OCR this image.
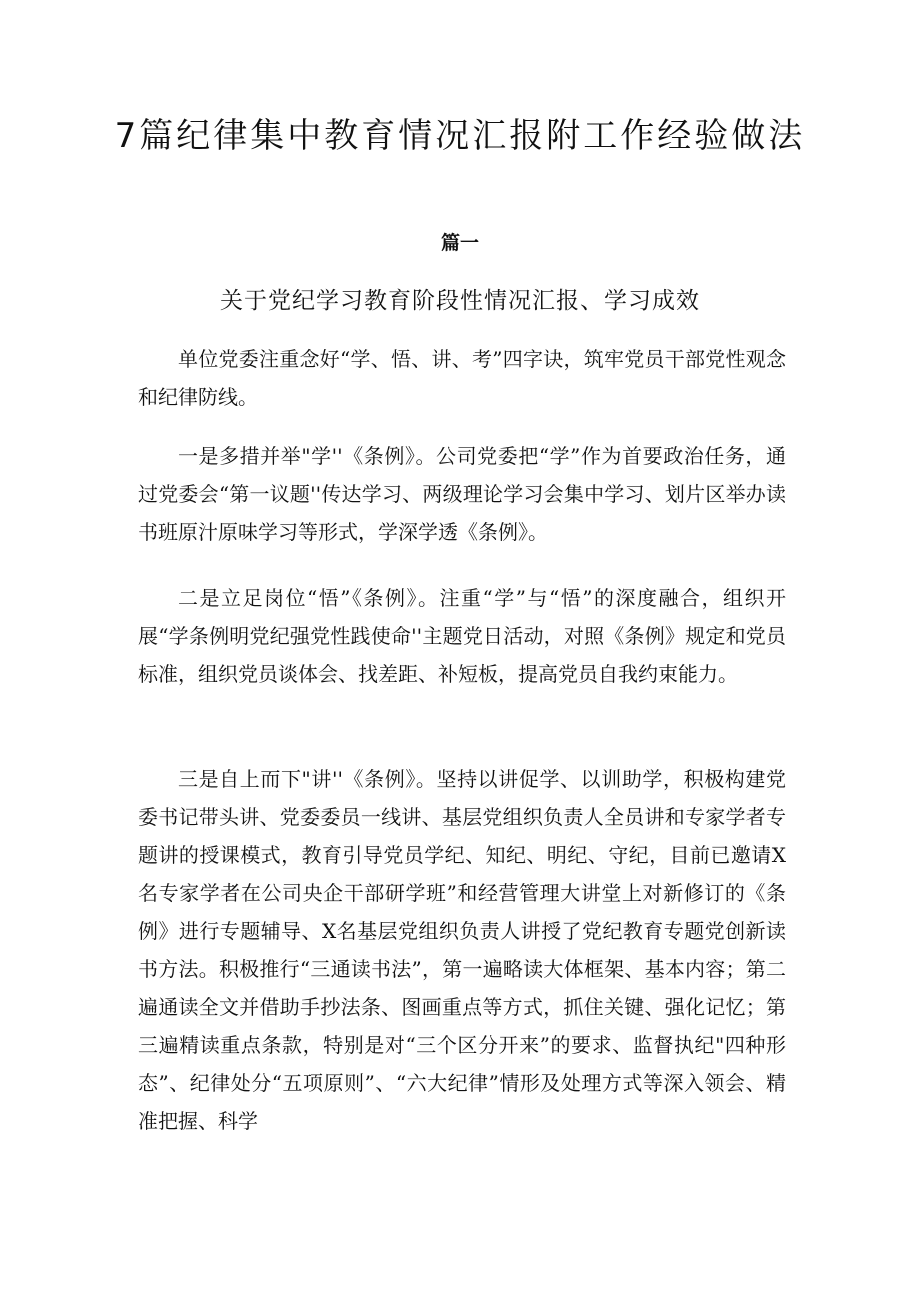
7篇纪律集中教育情况汇报附工作经验做法
篇一
关于党纪学习教育阶段性情况汇报、学习成效

单位党委注重念好“学、悟、讲、考”四字诀，筑牢党员干部党性观念和纪律防线。

一是多措并举"学''《条例》。公司党委把“学”作为首要政治任务，通过党委会“第一议题''传达学习、两级理论学习会集中学习、划片区举办读书班原汁原味学习等形式，学深学透《条例》。

二是立足岗位“悟”《条例》。注重“学”与“悟”的深度融合，组织开展“学条例明党纪强党性践使命''主题党日活动，对照《条例》规定和党员标准，组织党员谈体会、找差距、补短板，提高党员自我约束能力。

三是自上而下"讲''《条例》。坚持以讲促学、以训助学，积极构建党委书记带头讲、党委委员一线讲、基层党组织负责人全员讲和专家学者专题讲的授课模式，教育引导党员学纪、知纪、明纪、守纪，目前已邀请X名专家学者在公司央企干部研学班”和经营管理大讲堂上对新修订的《条例》进行专题辅导、X名基层党组织负责人讲授了党纪教育专题党创新读书方法。积极推行“三通读书法”，第一遍略读大体框架、基本内容；第二遍通读全文并借助手抄法条、图画重点等方式，抓住关键、强化记忆；第三遍精读重点条款，特别是对“三个区分开来”的要求、监督执纪"四种形态”、纪律处分“五项原则”、“六大纪律”情形及处理方式等深入领会、精准把握、科学
